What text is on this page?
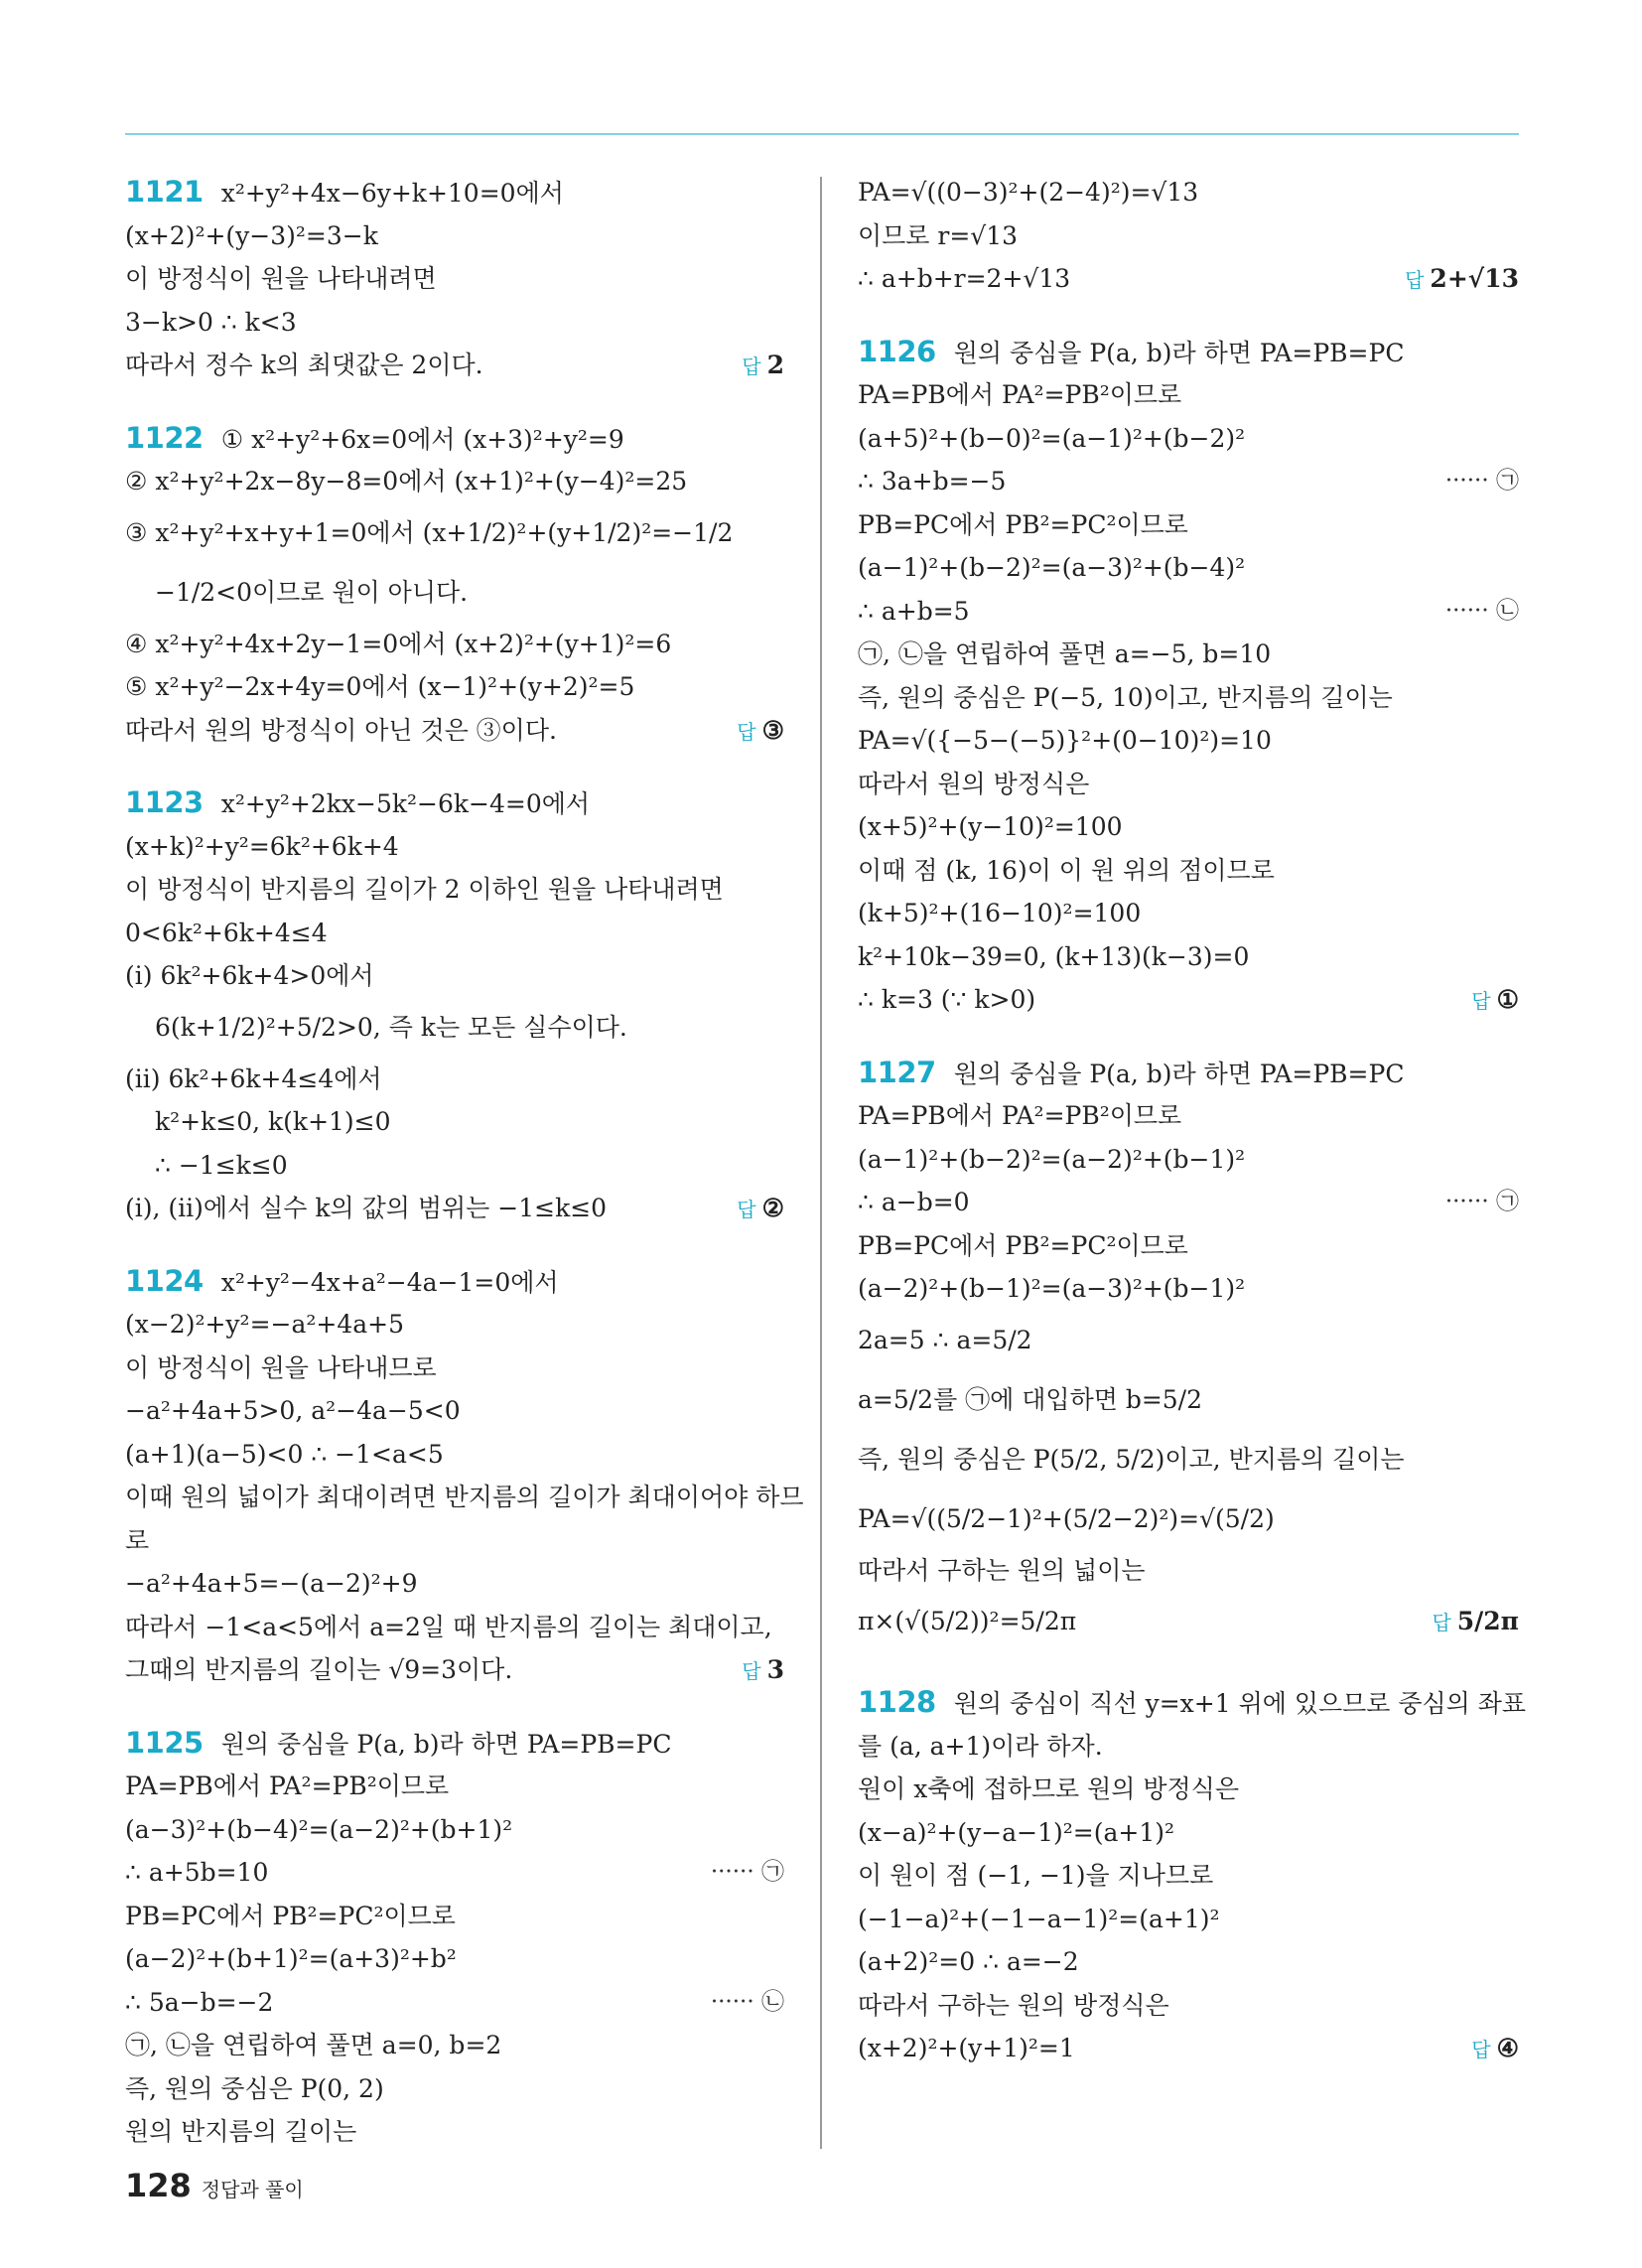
1121 x²+y²+4x−6y+k+10=0에서
(x+2)²+(y−3)²=3−k
이 방정식이 원을 나타내려면
3−k>0 ∴ k<3
따라서 정수 k의 최댓값은 2이다.	답 2
1122 ① x²+y²+6x=0에서 (x+3)²+y²=9
② x²+y²+2x−8y−8=0에서 (x+1)²+(y−4)²=25
③ x²+y²+x+y+1=0에서 (x+1/2)²+(y+1/2)²=−1/2
−1/2<0이므로 원이 아니다.
④ x²+y²+4x+2y−1=0에서 (x+2)²+(y+1)²=6
⑤ x²+y²−2x+4y=0에서 (x−1)²+(y+2)²=5
따라서 원의 방정식이 아닌 것은 ③이다.	답 ③
1123 x²+y²+2kx−5k²−6k−4=0에서
(x+k)²+y²=6k²+6k+4
이 방정식이 반지름의 길이가 2 이하인 원을 나타내려면
0<6k²+6k+4≤4
(ⅰ) 6k²+6k+4>0에서
6(k+1/2)²+5/2>0, 즉 k는 모든 실수이다.
(ⅱ) 6k²+6k+4≤4에서
k²+k≤0, k(k+1)≤0
∴ −1≤k≤0
(ⅰ), (ⅱ)에서 실수 k의 값의 범위는 −1≤k≤0	답 ②
1124 x²+y²−4x+a²−4a−1=0에서
(x−2)²+y²=−a²+4a+5
이 방정식이 원을 나타내므로
−a²+4a+5>0, a²−4a−5<0
(a+1)(a−5)<0 ∴ −1<a<5
이때 원의 넓이가 최대이려면 반지름의 길이가 최대이어야 하므
로
−a²+4a+5=−(a−2)²+9
따라서 −1<a<5에서 a=2일 때 반지름의 길이는 최대이고,
그때의 반지름의 길이는 √9=3이다.	답 3
1125 원의 중심을 P(a, b)라 하면 PA=PB=PC
PA=PB에서 PA²=PB²이므로
(a−3)²+(b−4)²=(a−2)²+(b+1)²
∴ a+5b=10	······ ㉠
PB=PC에서 PB²=PC²이므로
(a−2)²+(b+1)²=(a+3)²+b²
∴ 5a−b=−2	······ ㉡
㉠, ㉡을 연립하여 풀면 a=0, b=2
즉, 원의 중심은 P(0, 2)
원의 반지름의 길이는
PA=√((0−3)²+(2−4)²)=√13
이므로 r=√13
∴ a+b+r=2+√13	답 2+√13
1126 원의 중심을 P(a, b)라 하면 PA=PB=PC
PA=PB에서 PA²=PB²이므로
(a+5)²+(b−0)²=(a−1)²+(b−2)²
∴ 3a+b=−5	······ ㉠
PB=PC에서 PB²=PC²이므로
(a−1)²+(b−2)²=(a−3)²+(b−4)²
∴ a+b=5	······ ㉡
㉠, ㉡을 연립하여 풀면 a=−5, b=10
즉, 원의 중심은 P(−5, 10)이고, 반지름의 길이는
PA=√({−5−(−5)}²+(0−10)²)=10
따라서 원의 방정식은
(x+5)²+(y−10)²=100
이때 점 (k, 16)이 이 원 위의 점이므로
(k+5)²+(16−10)²=100
k²+10k−39=0, (k+13)(k−3)=0
∴ k=3 (∵ k>0)	답 ①
1127 원의 중심을 P(a, b)라 하면 PA=PB=PC
PA=PB에서 PA²=PB²이므로
(a−1)²+(b−2)²=(a−2)²+(b−1)²
∴ a−b=0	······ ㉠
PB=PC에서 PB²=PC²이므로
(a−2)²+(b−1)²=(a−3)²+(b−1)²
2a=5 ∴ a=5/2
a=5/2를 ㉠에 대입하면 b=5/2
즉, 원의 중심은 P(5/2, 5/2)이고, 반지름의 길이는
PA=√((5/2−1)²+(5/2−2)²)=√(5/2)
따라서 구하는 원의 넓이는
π×(√(5/2))²=5/2π	답 5/2π
1128 원의 중심이 직선 y=x+1 위에 있으므로 중심의 좌표
를 (a, a+1)이라 하자.
원이 x축에 접하므로 원의 방정식은
(x−a)²+(y−a−1)²=(a+1)²
이 원이 점 (−1, −1)을 지나므로
(−1−a)²+(−1−a−1)²=(a+1)²
(a+2)²=0 ∴ a=−2
따라서 구하는 원의 방정식은
(x+2)²+(y+1)²=1	답 ④
128 정답과 풀이
